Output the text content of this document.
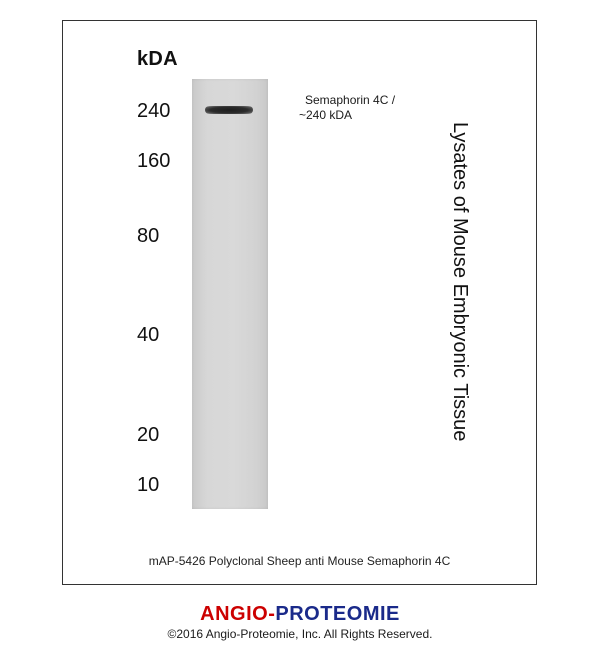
kDA
240
160
80
40
20
10
Semaphorin 4C /
~240 kDA
Lysates of Mouse Embryonic Tissue
mAP-5426 Polyclonal Sheep anti Mouse Semaphorin 4C
ANGIO-PROTEOMIE
©2016 Angio-Proteomie, Inc. All Rights Reserved.
